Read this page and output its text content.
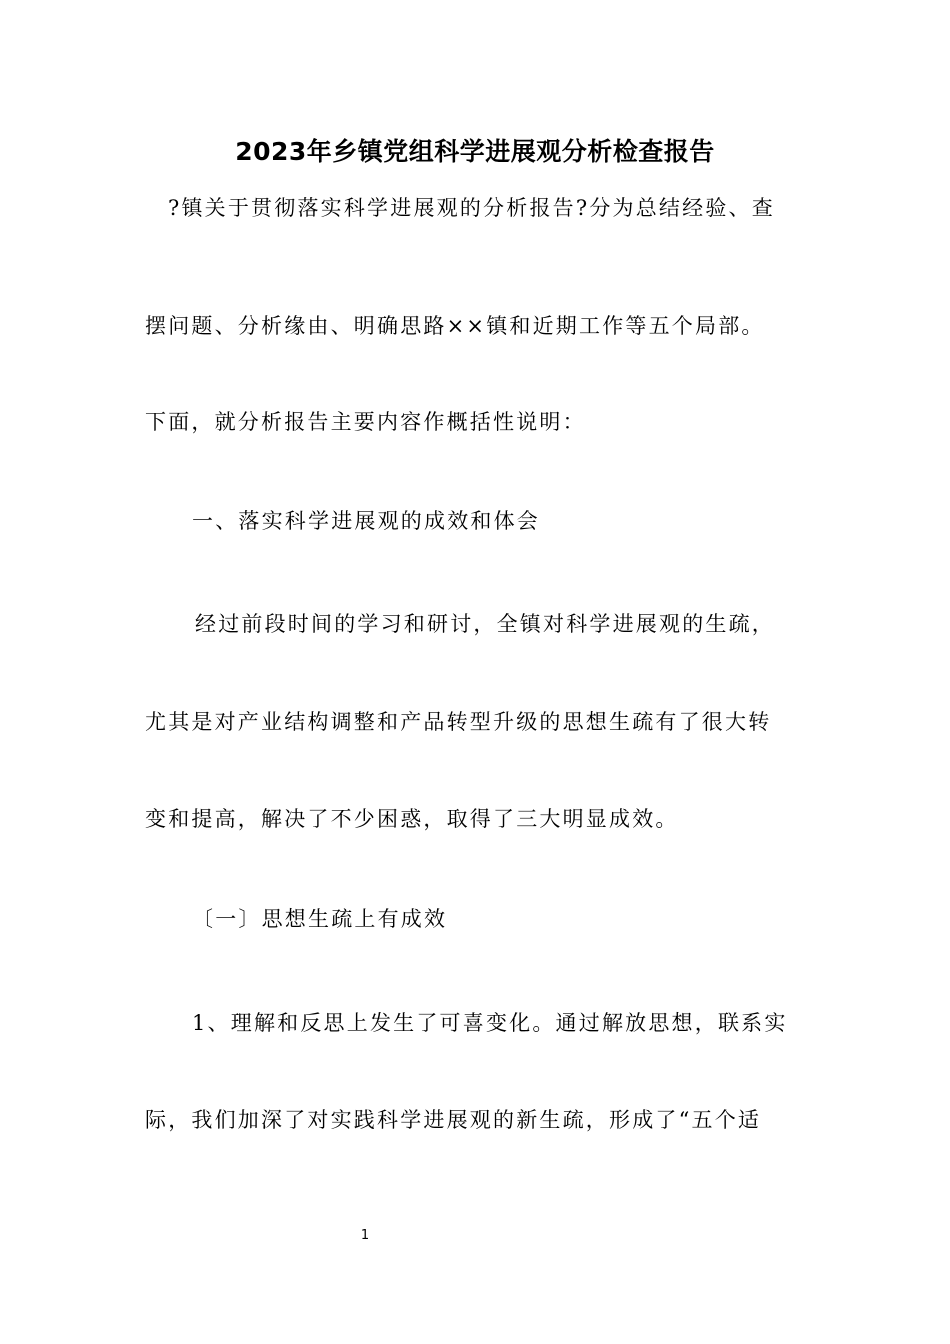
2023年乡镇党组科学进展观分析检查报告
?镇关于贯彻落实科学进展观的分析报告?分为总结经验、查
摆问题、分析缘由、明确思路××镇和近期工作等五个局部。
下面，就分析报告主要内容作概括性说明：
一、落实科学进展观的成效和体会
经过前段时间的学习和研讨，全镇对科学进展观的生疏，
尤其是对产业结构调整和产品转型升级的思想生疏有了很大转
变和提高，解决了不少困惑，取得了三大明显成效。
〔一〕思想生疏上有成效
1、理解和反思上发生了可喜变化。通过解放思想，联系实
际，我们加深了对实践科学进展观的新生疏，形成了“五个适
1
